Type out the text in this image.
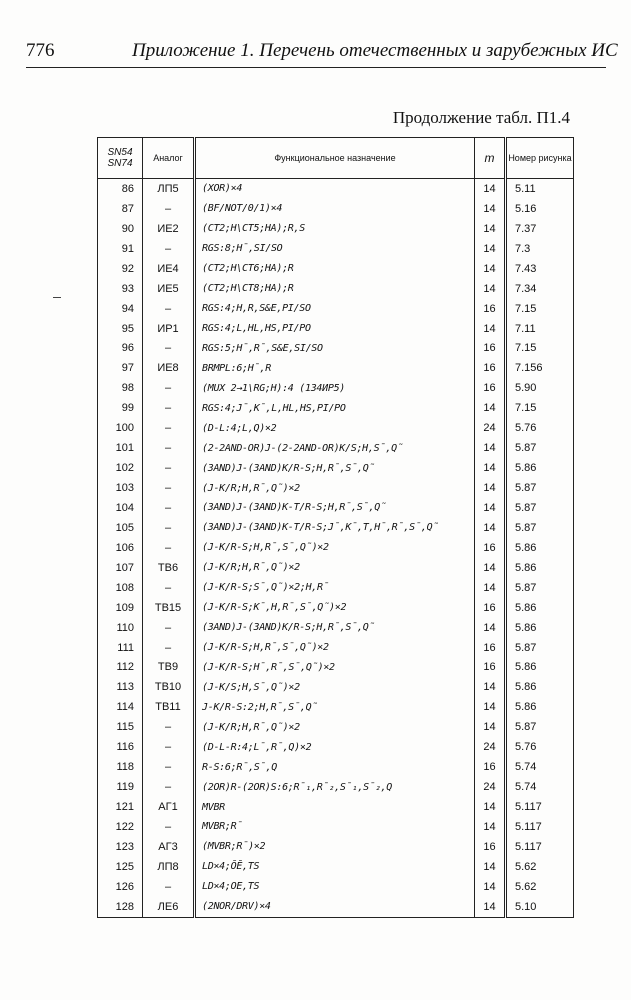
776	Приложение 1. Перечень отечественных и зарубежных ИС
Продолжение табл. П1.4
SN54 SN74	Аналог	Функциональное назначение	m	Номер рисунка
86	ЛП5	(XOR)×4	14	5.11
87	–	(BF/NOT/0/1)×4	14	5.16
90	ИЕ2	(CT2;H\CT5;HA);R,S	14	7.37
91	–	RGS:8;H̄,SI/SO	14	7.3
92	ИЕ4	(CT2;H\CT6;HA);R	14	7.43
93	ИЕ5	(CT2;H\CT8;HA);R	14	7.34
94	–	RGS:4;H,R,S&E,PI/SO	16	7.15
95	ИР1	RGS:4;L,HL,HS,PI/PO	14	7.11
96	–	RGS:5;H̄,R̄,S&E,SI/SO	16	7.15
97	ИЕ8	BRMPL:6;H̄,R	16	7.156
98	–	(MUX 2→1\RG;H):4 (134ИР5)	16	5.90
99	–	RGS:4;J̄,K̄,L,HL,HS,PI/PO	14	7.15
100	–	(D-L:4;L,Q)×2	24	5.76
101	–	(2-2AND-OR)J-(2-2AND-OR)K/S;H,S̄,Q̃	14	5.87
102	–	(3AND)J-(3AND)K/R-S;H,R̄,S̄,Q̃	14	5.86
103	–	(J-K/R;H,R̄,Q̃)×2	14	5.87
104	–	(3AND)J-(3AND)K-T/R-S;H,R̄,S̄,Q̃	14	5.87
105	–	(3AND)J-(3AND)K-T/R-S;J̄,K̄,T,H̄,R̄,S̄,Q̃	14	5.87
106	–	(J-K/R-S;H,R̄,S̄,Q̃)×2	16	5.86
107	ТВ6	(J-K/R;H,R̄,Q̃)×2	14	5.86
108	–	(J-K/R-S;S̄,Q̃)×2;H,R̄	14	5.87
109	ТВ15	(J-K/R-S;K̄,H,R̄,S̄,Q̃)×2	16	5.86
110	–	(3AND)J-(3AND)K/R-S;H,R̄,S̄,Q̃	14	5.86
111	–	(J-K/R-S;H,R̄,S̄,Q̃)×2	16	5.87
112	ТВ9	(J-K/R-S;H̄,R̄,S̄,Q̃)×2	16	5.86
113	ТВ10	(J-K/S;H,S̄,Q̃)×2	14	5.86
114	ТВ11	J-K/R-S:2;H,R̄,S̄,Q̃	14	5.86
115	–	(J-K/R;H,R̄,Q̃)×2	14	5.87
116	–	(D-L-R:4;L̄,R̄,Q)×2	24	5.76
118	–	R-S:6;R̄,S̄,Q	16	5.74
119	–	(2OR)R-(2OR)S:6;R̄₁,R̄₂,S̄₁,S̄₂,Q	24	5.74
121	АГ1	MVBR	14	5.117
122	–	MVBR;R̄	14	5.117
123	АГ3	(MVBR;R̄)×2	16	5.117
125	ЛП8	LD×4;ŌĒ,TS	14	5.62
126	–	LD×4;OE,TS	14	5.62
128	ЛЕ6	(2NOR/DRV)×4	14	5.10
